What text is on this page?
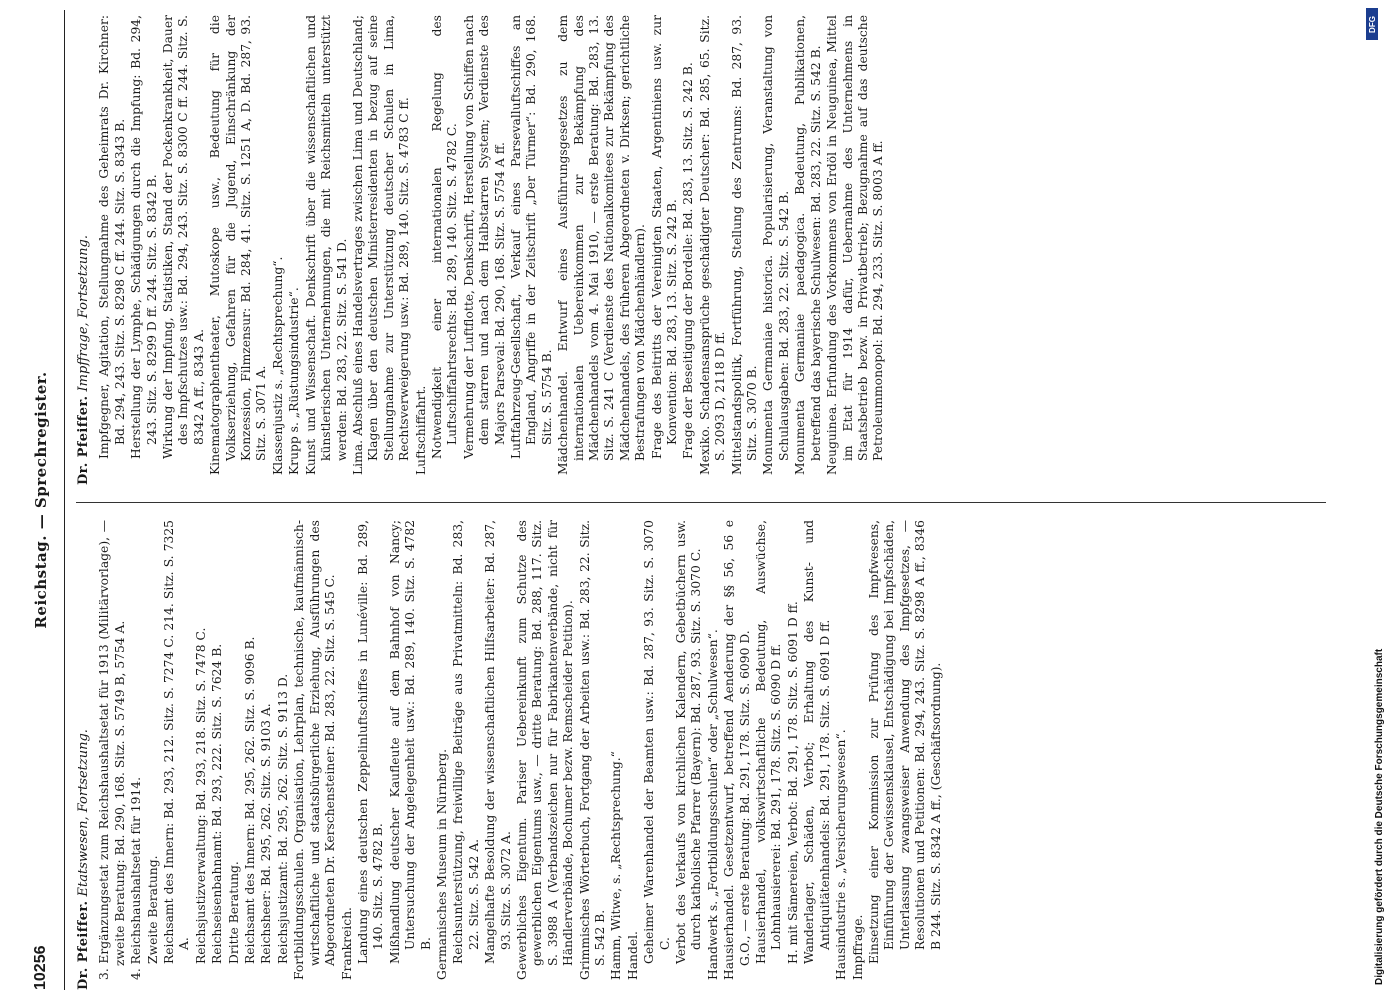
10256
Reichstag. — Sprechregister.
Dr. Pfeiffer. Etatswesen, Fortsetzung. 3. Ergänzungsetat zum Reichshaushaltsetat für 1913 (Militärvorlage), — zweite Beratung: Bd. 290, 168. Sitz. S. 5749 B, 5754 A. 4. Reichshaushaltsetat für 1914. Zweite Beratung. Reichsamt des Innern: Bd. 293, 212. Sitz. S. 7274 C. 214. Sitz. S. 7325 A. Reichsjustizverwaltung: Bd. 293, 218. Sitz. S. 7478 C. Reichseisenbahnamt: Bd. 293, 222. Sitz. S. 7624 B. Dritte Beratung. Reichsamt des Innern: Bd. 295, 262. Sitz. S. 9096 B. Reichsheer: Bd. 295, 262. Sitz. S. 9103 A. Reichsjustizamt: Bd. 295, 262. Sitz. S. 9113 D. Fortbildungsschulen. Organisation, Lehrplan, technische, kaufmännisch-wirtschaftliche und staatsbürgerliche Erziehung, Ausführungen des Abgeordneten Dr. Kerschensteiner: Bd. 283, 22. Sitz. S. 545 C. Frankreich. Landung eines deutschen Zeppelinluftschiffes in Lunéville: Bd. 289, 140. Sitz. S. 4782 B. Mißhandlung deutscher Kaufleute auf dem Bahnhof von Nancy; Untersuchung der Angelegenheit usw.: Bd. 289, 140. Sitz. S. 4782 B. Germanisches Museum in Nürnberg. Reichsunterstützung, freiwillige Beiträge aus Privatmitteln: Bd. 283, 22. Sitz. S. 542 A. Mangelhafte Besoldung der wissenschaftlichen Hilfsarbeiter: Bd. 287, 93. Sitz. S. 3072 A. Gewerbliches Eigentum. Pariser Uebereinkunft zum Schutze des gewerblichen Eigentums usw., — dritte Beratung: Bd. 288, 117. Sitz. S. 3988 A (Verbandszeichen nur für Fabrikantenverbände, nicht für Händlerverbände, Bochumer bezw. Remscheider Petition). Grimmisches Wörterbuch, Fortgang der Arbeiten usw.: Bd. 283, 22. Sitz. S. 542 B. Hamm, Witwe, s. „Rechtsprechung.“ Handel. Geheimer Warenhandel der Beamten usw.: Bd. 287, 93. Sitz. S. 3070 C. Verbot des Verkaufs von kirchlichen Kalendern, Gebetbüchern usw. durch katholische Pfarrer (Bayern): Bd. 287, 93. Sitz. S. 3070 C. Handwerk s. „Fortbildungsschulen“ oder „Schulwesen“. Hausierhandel. Gesetzentwurf, betreffend Aenderung der §§ 56, 56 e G.O., — erste Beratung: Bd. 291, 178. Sitz. S. 6090 D. Hausierhandel, volkswirtschaftliche Bedeutung, Auswüchse, Lohnhausiererei: Bd. 291, 178. Sitz. S. 6090 D ff. H. mit Sämereien, Verbot: Bd. 291, 178. Sitz. S. 6091 D ff. Wanderlager, Schäden, Verbot; Erhaltung des Kunst- und Antiquitätenhandels: Bd. 291, 178. Sitz. S. 6091 D ff. Hausindustrie s. „Versicherungswesen“. Impffrage. Einsetzung einer Kommission zur Prüfung des Impfwesens, Einführung der Gewissensklausel, Entschädigung bei Impfschäden, Unterlassung zwangsweiser Anwendung des Impfgesetzes, — Resolutionen und Petitionen: Bd. 294, 243. Sitz. S. 8298 A ff., 8346 B 244. Sitz. S. 8342 A ff., (Geschäftsordnung).
Dr. Pfeiffer. Impffrage, Fortsetzung. Impfgegner, Agitation, Stellungnahme des Geheimrats Dr. Kirchner: Bd. 294, 243. Sitz. S. 8298 C ff. 244. Sitz. S. 8343 B. Herstellung der Lymphe, Schädigungen durch die Impfung: Bd. 294, 243. Sitz. S. 8299 D ff. 244. Sitz. S. 8342 B. Wirkung der Impfung, Statistiken, Stand der Pockenkrankheit, Dauer des Impfschutzes usw.: Bd. 294, 243. Sitz. S. 8300 C ff. 244. Sitz. S. 8342 A ff., 8343 A. Kinematographentheater, Mutoskope usw., Bedeutung für die Volkserziehung, Gefahren für die Jugend, Einschränkung der Konzession, Filmzensur: Bd. 284, 41. Sitz. S. 1251 A, D. Bd. 287, 93. Sitz. S. 3071 A. Klassenjustiz s. „Rechtsprechung“. Krupp s. „Rüstungsindustrie“. Kunst und Wissenschaft. Denkschrift über die wissenschaftlichen und künstlerischen Unternehmungen, die mit Reichsmitteln unterstützt werden: Bd. 283, 22. Sitz. S. 541 D. Lima. Abschluß eines Handelsvertrages zwischen Lima und Deutschland; Klagen über den deutschen Ministerresidenten in bezug auf seine Stellungnahme zur Unterstützung deutscher Schulen in Lima, Rechtsverweigerung usw.: Bd. 289, 140. Sitz. S. 4783 C ff. Luftschiffahrt. Notwendigkeit einer internationalen Regelung des Luftschiffahrtsrechts: Bd. 289, 140. Sitz. S. 4782 C. Vermehrung der Luftflotte, Denkschrift, Herstellung von Schiffen nach dem starren und nach dem Halbstarren System; Verdienste des Majors Parseval: Bd. 290, 168. Sitz. S. 5754 A ff. Luftfahrzeug-Gesellschaft, Verkauf eines Parsevalluftschiffes an England, Angriffe in der Zeitschrift „Der Türmer“: Bd. 290, 168. Sitz. S. 5754 B. Mädchenhandel. Entwurf eines Ausführungsgesetzes zu dem internationalen Uebereinkommen zur Bekämpfung des Mädchenhandels vom 4. Mai 1910, — erste Beratung: Bd. 283, 13. Sitz. S. 241 C (Verdienste des Nationalkomitees zur Bekämpfung des Mädchenhandels, des früheren Abgeordneten v. Dirksen; gerichtliche Bestrafungen von Mädchenhändlern). Frage des Beitritts der Vereinigten Staaten, Argentiniens usw. zur Konvention: Bd. 283, 13. Sitz. S. 242 B. Frage der Beseitigung der Bordelle: Bd. 283, 13. Sitz. S. 242 B. Mexiko. Schadensansprüche geschädigter Deutscher: Bd. 285, 65. Sitz. S. 2093 D, 2118 D ff. Mittelstandspolitik, Fortführung, Stellung des Zentrums: Bd. 287, 93. Sitz. S. 3070 B. Monumenta Germaniae historica. Popularisierung, Veranstaltung von Schulausgaben: Bd. 283, 22. Sitz. S. 542 B. Monumenta Germaniae paedagogica. Bedeutung, Publikationen, betreffend das bayerische Schulwesen: Bd. 283, 22. Sitz. S. 542 B. Neuguinea. Erfundung des Vorkommens von Erdöl in Neuguinea, Mittel im Etat für 1914 dafür, Uebernahme des Unternehmens in Staatsbetrieb bezw. in Privatbetrieb; Bezugnahme auf das deutsche Petroleummonopol: Bd. 294, 233. Sitz. S. 8003 A ff.
Digitalisierung gefördert durch die Deutsche Forschungsgemeinschaft
DFG
